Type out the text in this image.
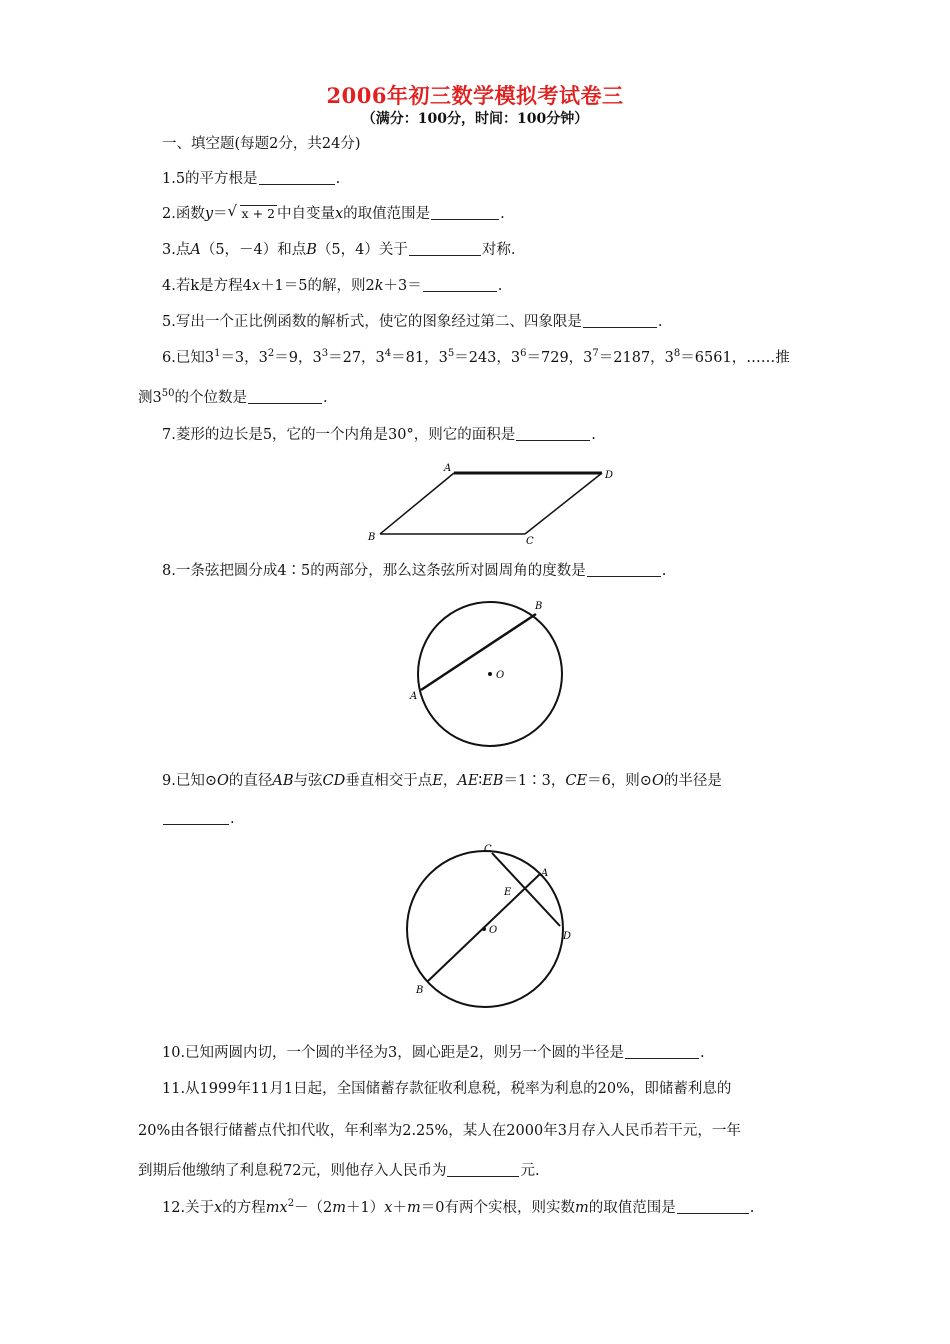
2006年初三数学模拟考试卷三
（满分：100分，时间：100分钟）
一、填空题(每题2分，共24分)
1.5的平方根是	.
2.函数y＝ √ x + 2 中自变量x的取值范围是	.
3.点A（5，－4）和点B（5，4）关于	对称.
4.若k是方程4x＋1＝5的解，则2k＋3＝	.
5.写出一个正比例函数的解析式，使它的图象经过第二、四象限是	.
6.已知$3^1=3$，$3^2=9$，$3^3=27$，$3^4=81$，$3^5=243$，$3^6=729$，$3^7=2187$，$3^8=6561$，……推
测$3^{50}$的个位数是	.
7.菱形的边长是5，它的一个内角是30°，则它的面积是	.
A
D
B	C
8.一条弦把圆分成4∶5的两部分，那么这条弦所对圆周角的度数是	.
O
A
B
9.已知⊙O的直径AB与弦CD垂直相交于点E，AE∶EB＝1∶3，CE＝6，则⊙O的半径是
.
O
E
C
A
D
B
10.已知两圆内切，一个圆的半径为3，圆心距是2，则另一个圆的半径是	.
11.从1999年11月1日起，全国储蓄存款征收利息税，税率为利息的20%，即储蓄利息的
20%由各银行储蓄点代扣代收，年利率为2.25%，某人在2000年3月存入人民币若干元，一年
到期后他缴纳了利息税72元，则他存入人民币为	元.
12.关于x的方程$mx^2-(2m+1)x+m=0$有两个实根，则实数m的取值范围是	.
